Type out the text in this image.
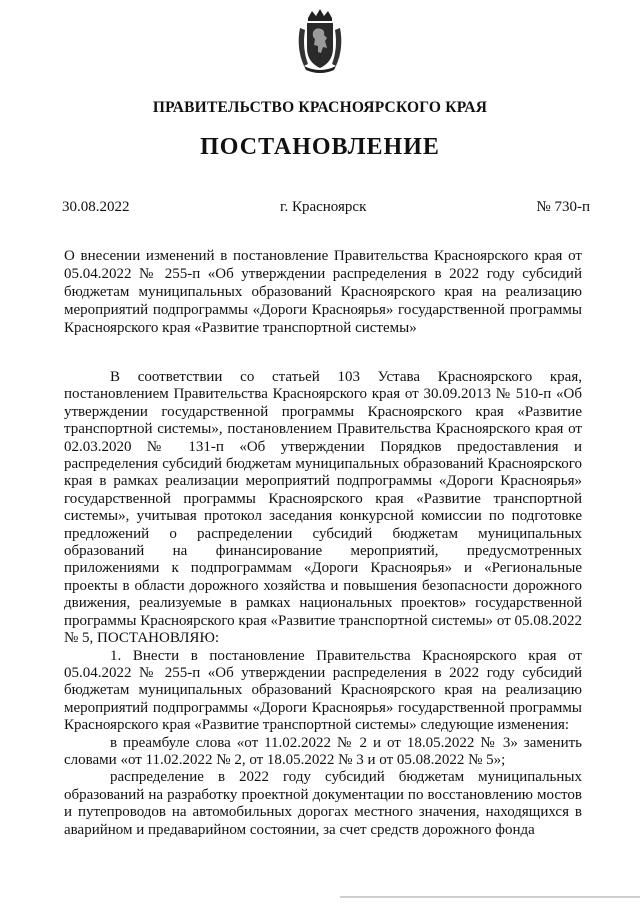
ПРАВИТЕЛЬСТВО КРАСНОЯРСКОГО КРАЯ
ПОСТАНОВЛЕНИЕ
30.08.2022	г. Красноярск	№ 730-п
О внесении изменений в постановление Правительства Красноярского края от 05.04.2022 № 255-п «Об утверждении распределения в 2022 году субсидий бюджетам муниципальных образований Красноярского края на реализацию мероприятий подпрограммы «Дороги Красноярья» государственной программы Красноярского края «Развитие транспортной системы»

В соответствии со статьей 103 Устава Красноярского края, постановлением Правительства Красноярского края от 30.09.2013 № 510-п «Об утверждении государственной программы Красноярского края «Развитие транспортной системы», постановлением Правительства Красноярского края от 02.03.2020 № 131-п «Об утверждении Порядков предоставления и распределения субсидий бюджетам муниципальных образований Красноярского края в рамках реализации мероприятий подпрограммы «Дороги Красноярья» государственной программы Красноярского края «Развитие транспортной системы», учитывая протокол заседания конкурсной комиссии по подготовке предложений о распределении субсидий бюджетам муниципальных образований на финансирование мероприятий, предусмотренных приложениями к подпрограммам «Дороги Красноярья» и «Региональные проекты в области дорожного хозяйства и повышения безопасности дорожного движения, реализуемые в рамках национальных проектов» государственной программы Красноярского края «Развитие транспортной системы» от 05.08.2022 № 5, ПОСТАНОВЛЯЮ:

1. Внести в постановление Правительства Красноярского края от 05.04.2022 № 255-п «Об утверждении распределения в 2022 году субсидий бюджетам муниципальных образований Красноярского края на реализацию мероприятий подпрограммы «Дороги Красноярья» государственной программы Красноярского края «Развитие транспортной системы» следующие изменения:

в преамбуле слова «от 11.02.2022 № 2 и от 18.05.2022 № 3» заменить словами «от 11.02.2022 № 2, от 18.05.2022 № 3 и от 05.08.2022 № 5»;

распределение в 2022 году субсидий бюджетам муниципальных образований на разработку проектной документации по восстановлению мостов и путепроводов на автомобильных дорогах местного значения, находящихся в аварийном и предаварийном состоянии, за счет средств дорожного фонда
